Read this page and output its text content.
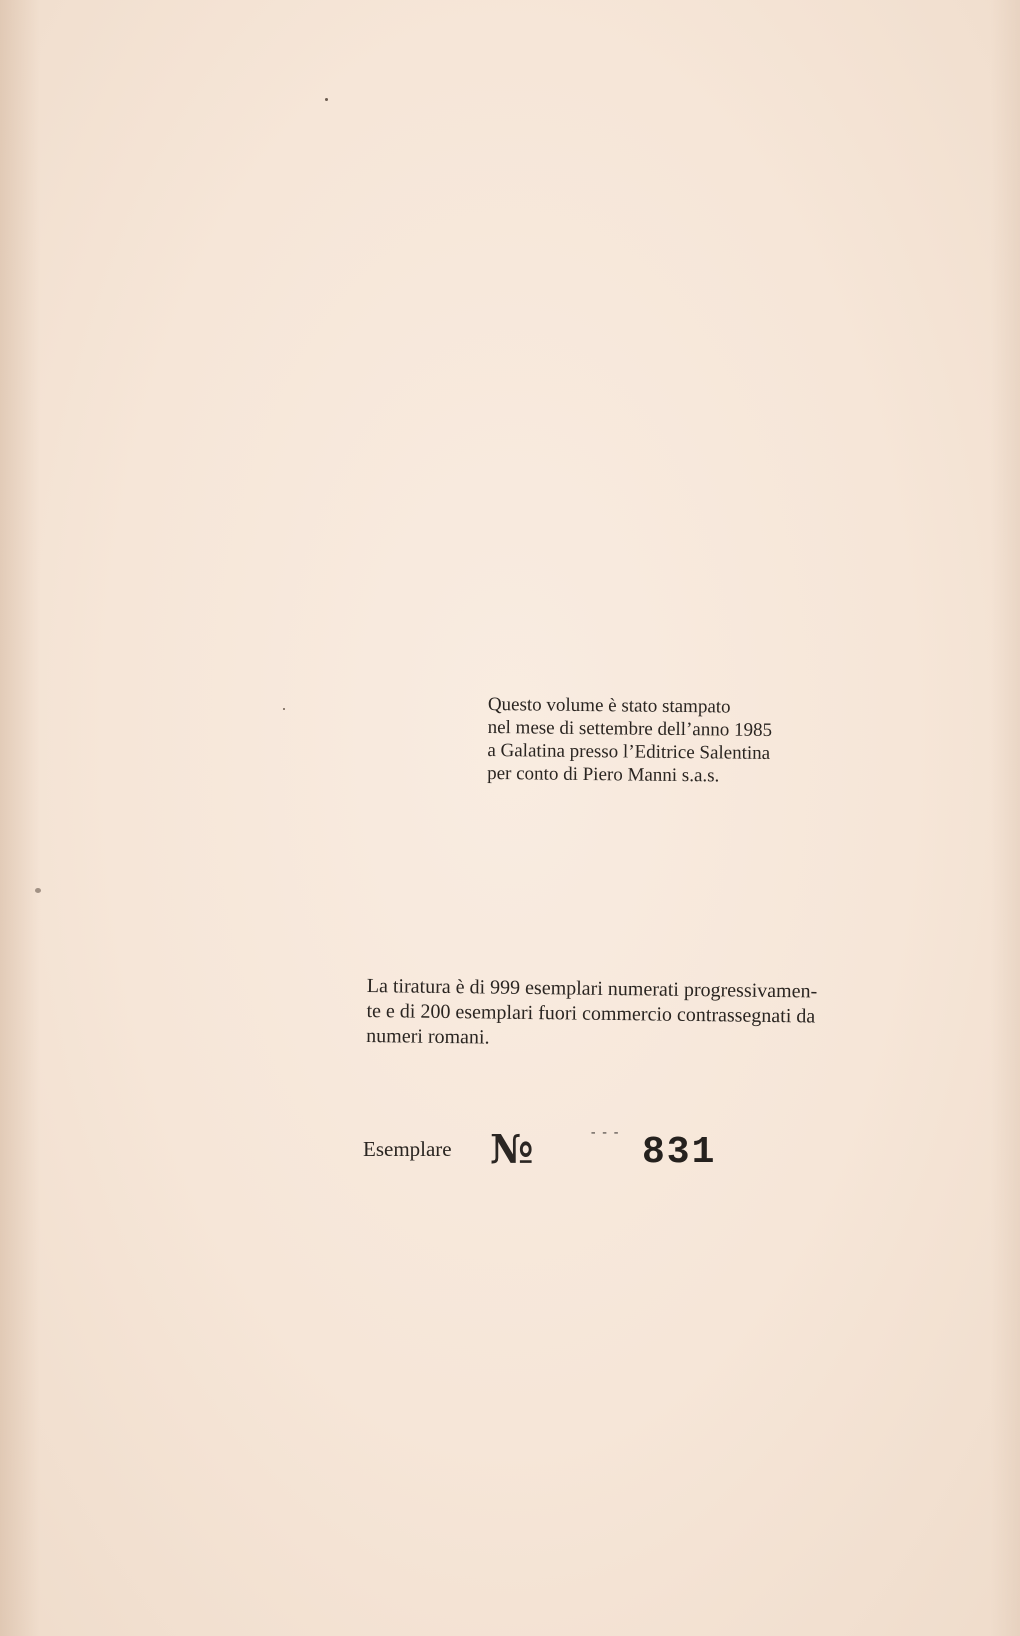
Questo volume è stato stampato
nel mese di settembre dell’anno 1985
a Galatina presso l’Editrice Salentina
per conto di Piero Manni s.a.s.
La tiratura è di 999 esemplari numerati progressivamen-
te e di 200 esemplari fuori commercio contrassegnati da
numeri romani.
Esemplare №	--- 831
